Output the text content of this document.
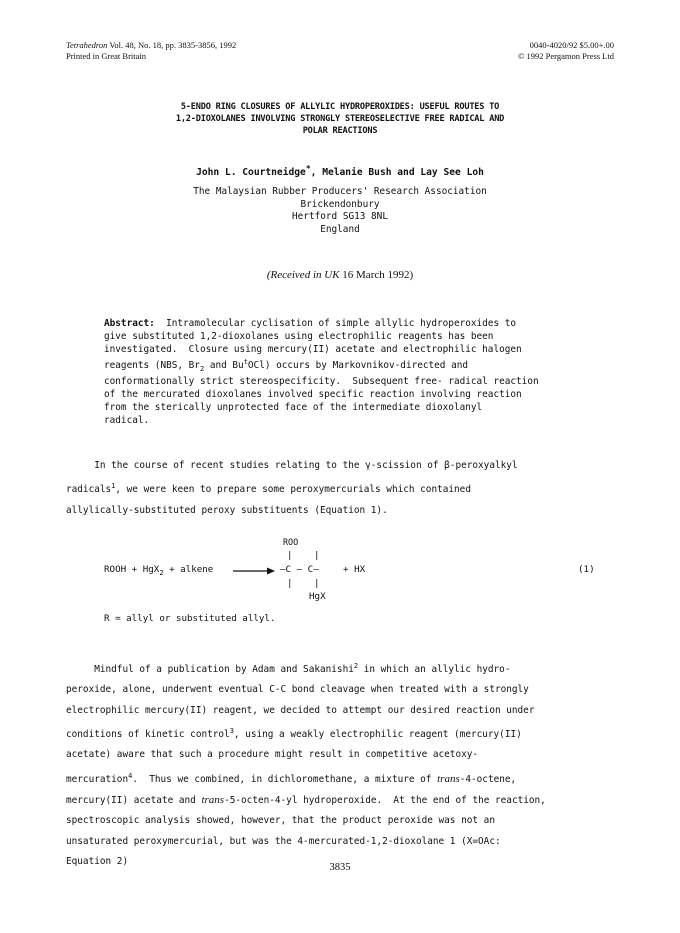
Tetrahedron Vol. 48, No. 18, pp. 3835-3856, 1992
Printed in Great Britain
0040-4020/92 $5.00+.00
© 1992 Pergamon Press Ltd
5-ENDO RING CLOSURES OF ALLYLIC HYDROPEROXIDES: USEFUL ROUTES TO
1,2-DIOXOLANES INVOLVING STRONGLY STEREOSELECTIVE FREE RADICAL AND
POLAR REACTIONS
John L. Courtneidge*, Melanie Bush and Lay See Loh
The Malaysian Rubber Producers' Research Association
Brickendonbury
Hertford SG13 8NL
England
(Received in UK 16 March 1992)
Abstract:  Intramolecular cyclisation of simple allylic hydroperoxides to
give substituted 1,2-dioxolanes using electrophilic reagents has been
investigated.  Closure using mercury(II) acetate and electrophilic halogen
reagents (NBS, $Br_2$ and Bu$^t$OCl) occurs by Markovnikov-directed and
conformationally strict stereospecificity.  Subsequent free- radical reaction
of the mercurated dioxolanes involved specific reaction involving reaction
from the sterically unprotected face of the intermediate dioxolanyl
radical.
In the course of recent studies relating to the γ-scission of β-peroxyalkyl
radicals$^1$, we were keen to prepare some peroxymercurials which contained
allylically-substituted peroxy substituents (Equation 1).
ROO
| |
ROOH + HgX$_2$ + alkene → —C — C—	+ HX
| |
HgX
(1)
R = allyl or substituted allyl.
Mindful of a publication by Adam and Sakanishi$^2$ in which an allylic hydro-
peroxide, alone, underwent eventual C-C bond cleavage when treated with a strongly
electrophilic mercury(II) reagent, we decided to attempt our desired reaction under
conditions of kinetic control$^3$, using a weakly electrophilic reagent (mercury(II)
acetate) aware that such a procedure might result in competitive acetoxy-
mercuration$^4$.  Thus we combined, in dichloromethane, a mixture of trans-4-octene,
mercury(II) acetate and trans-5-octen-4-yl hydroperoxide.  At the end of the reaction,
spectroscopic analysis showed, however, that the product peroxide was not an
unsaturated peroxymercurial, but was the 4-mercurated-1,2-dioxolane 1 (X=OAc:
Equation 2)
3835
